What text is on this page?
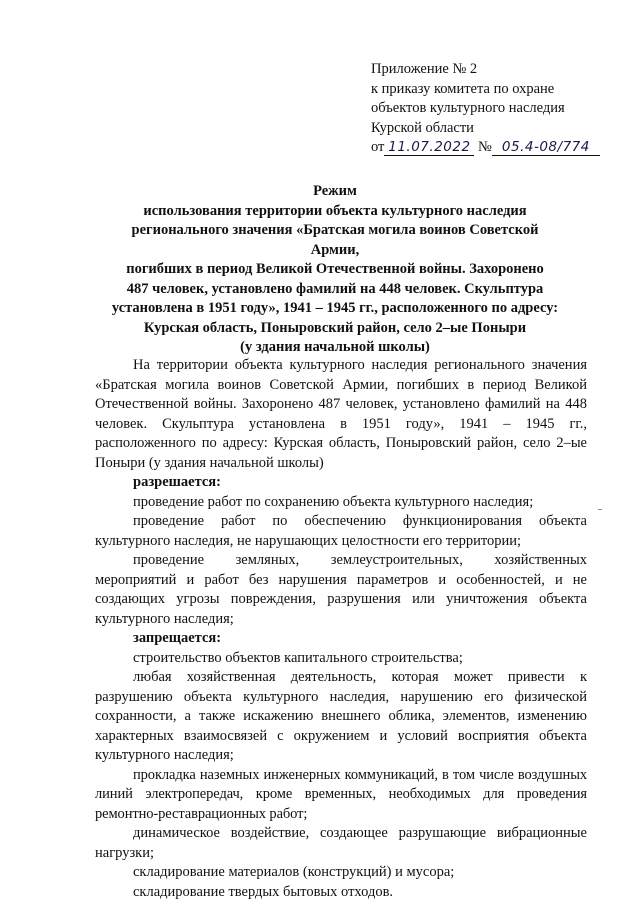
Приложение № 2
к приказу комитета по охране
объектов культурного наследия
Курской области
от 11.07.2022 № 05.4-08/774
Режим
использования территории объекта культурного наследия
регионального значения «Братская могила воинов Советской Армии,
погибших в период Великой Отечественной войны. Захоронено
487 человек, установлено фамилий на 448 человек. Скульптура
установлена в 1951 году», 1941 – 1945 гг., расположенного по адресу:
Курская область, Поныровский район, село 2–ые Поныри
(у здания начальной школы)

На территории объекта культурного наследия регионального значения «Братская могила воинов Советской Армии, погибших в период Великой Отечественной войны. Захоронено 487 человек, установлено фамилий на 448 человек. Скульптура установлена в 1951 году», 1941 – 1945 гг., расположенного по адресу: Курская область, Поныровский район, село 2–ые Поныри (у здания начальной школы)

разрешается:

проведение работ по сохранению объекта культурного наследия;

проведение работ по обеспечению функционирования объекта культурного наследия, не нарушающих целостности его территории;

проведение земляных, землеустроительных, хозяйственных мероприятий и работ без нарушения параметров и особенностей, и не создающих угрозы повреждения, разрушения или уничтожения объекта культурного наследия;

запрещается:

строительство объектов капитального строительства;

любая хозяйственная деятельность, которая может привести к разрушению объекта культурного наследия, нарушению его физической сохранности, а также искажению внешнего облика, элементов, изменению характерных взаимосвязей с окружением и условий восприятия объекта культурного наследия;

прокладка наземных инженерных коммуникаций, в том числе воздушных линий электропередач, кроме временных, необходимых для проведения ремонтно-реставрационных работ;

динамическое воздействие, создающее разрушающие вибрационные нагрузки;

складирование материалов (конструкций) и мусора;

складирование твердых бытовых отходов.
